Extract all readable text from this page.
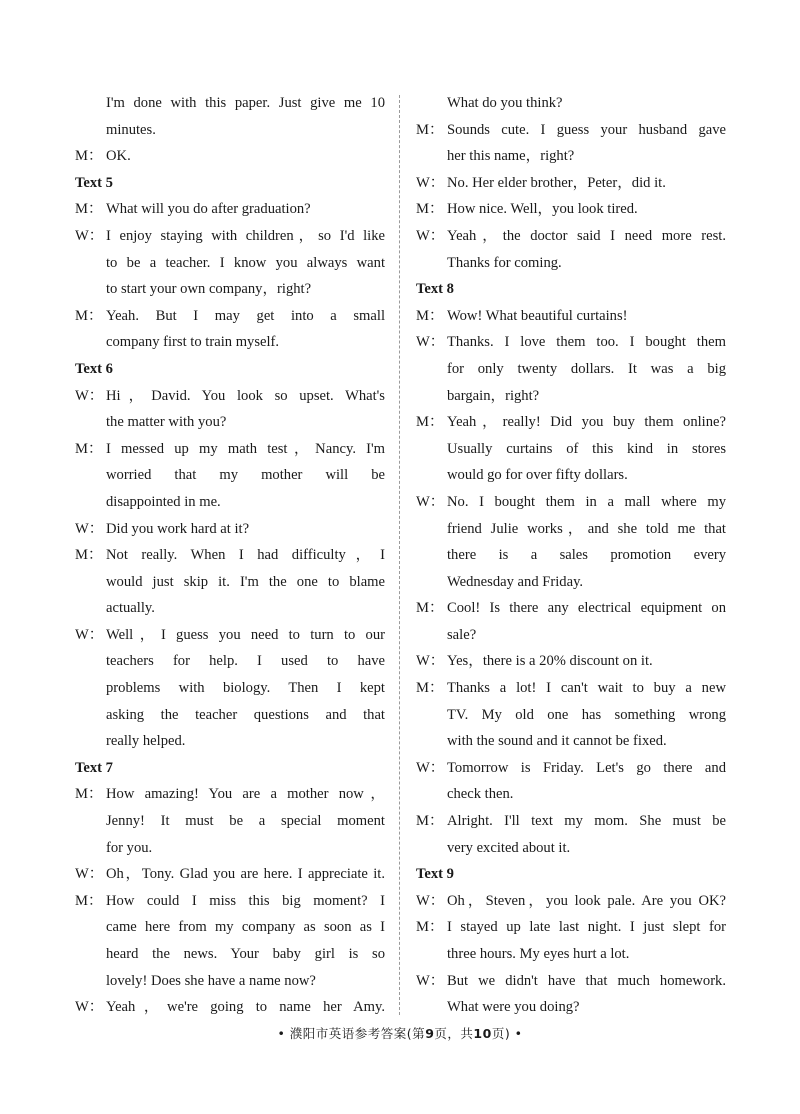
I'm done with this paper. Just give me 10
minutes.
M： OK.
Text 5
M： What will you do after graduation?
W： I enjoy staying with children，so I'd like
to be a teacher. I know you always want
to start your own company，right?
M： Yeah. But I may get into a small
company first to train myself.
Text 6
W： Hi，David. You look so upset. What's
the matter with you?
M： I messed up my math test，Nancy. I'm
worried that my mother will be
disappointed in me.
W： Did you work hard at it?
M： Not really. When I had difficulty，I
would just skip it. I'm the one to blame
actually.
W： Well，I guess you need to turn to our
teachers for help. I used to have
problems with biology. Then I kept
asking the teacher questions and that
really helped.
Text 7
M： How amazing! You are a mother now，
Jenny! It must be a special moment
for you.
W： Oh，Tony. Glad you are here. I appreciate it.
M： How could I miss this big moment? I
came here from my company as soon as I
heard the news. Your baby girl is so
lovely! Does she have a name now?
W： Yeah，we're going to name her Amy.
What do you think?
M： Sounds cute. I guess your husband gave
her this name，right?
W： No. Her elder brother，Peter，did it.
M： How nice. Well，you look tired.
W： Yeah，the doctor said I need more rest.
Thanks for coming.
Text 8
M： Wow! What beautiful curtains!
W： Thanks. I love them too. I bought them
for only twenty dollars. It was a big
bargain，right?
M： Yeah，really! Did you buy them online?
Usually curtains of this kind in stores
would go for over fifty dollars.
W： No. I bought them in a mall where my
friend Julie works，and she told me that
there is a sales promotion every
Wednesday and Friday.
M： Cool! Is there any electrical equipment on
sale?
W： Yes，there is a 20% discount on it.
M： Thanks a lot! I can't wait to buy a new
TV. My old one has something wrong
with the sound and it cannot be fixed.
W： Tomorrow is Friday. Let's go there and
check then.
M： Alright. I'll text my mom. She must be
very excited about it.
Text 9
W： Oh，Steven，you look pale. Are you OK?
M： I stayed up late last night. I just slept for
three hours. My eyes hurt a lot.
W： But we didn't have that much homework.
What were you doing?
• 濮阳市英语参考答案(第9页，共10页) •
